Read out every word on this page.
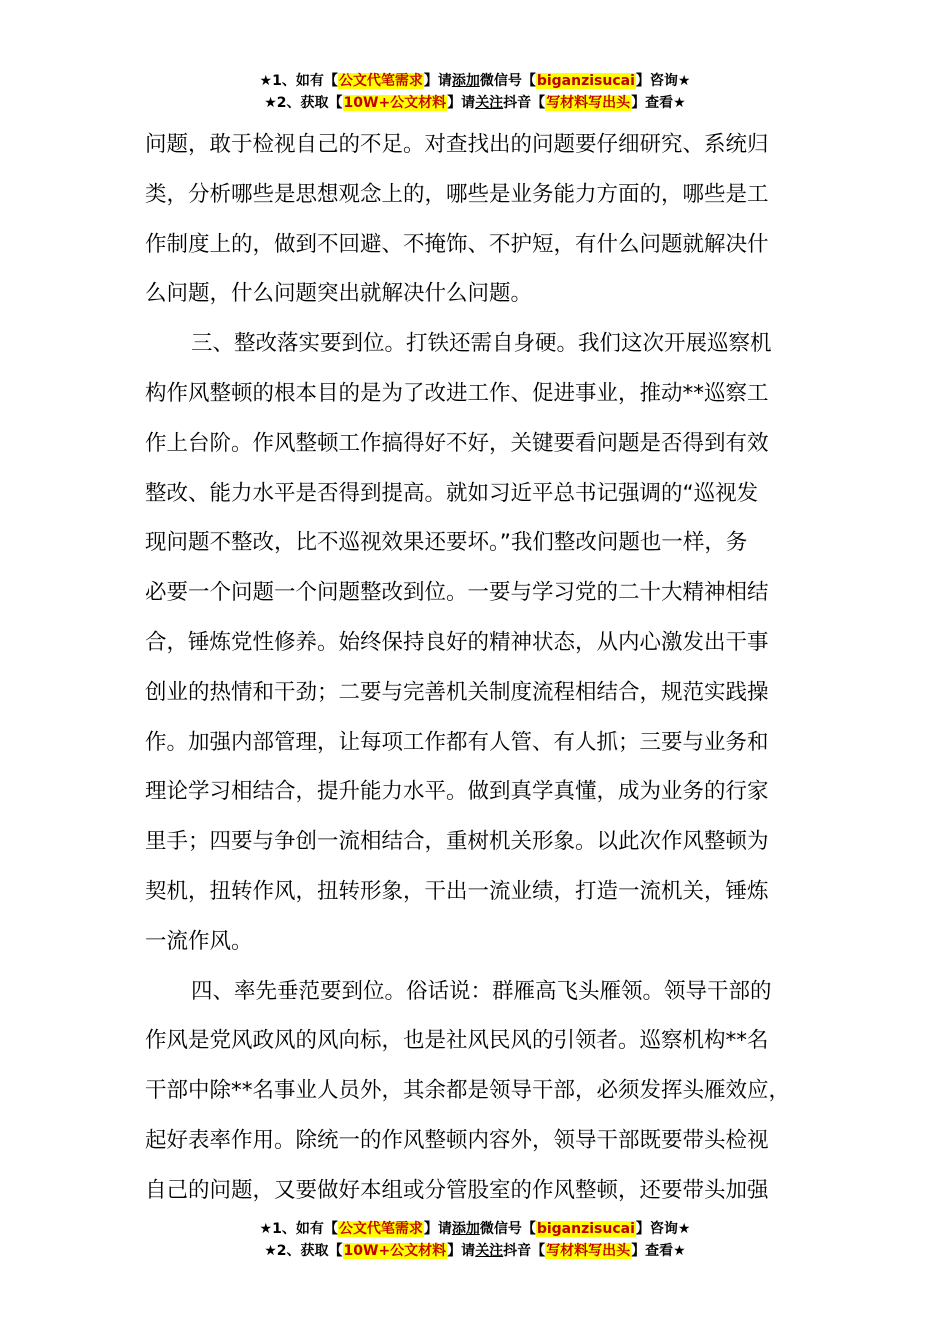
★1、如有【公文代笔需求】请添加微信号【biganzisucai】咨询★
★2、获取【10W+公文材料】请关注抖音【写材料写出头】查看★

问题，敢于检视自己的不足。对查找出的问题要仔细研究、系统归

类，分析哪些是思想观念上的，哪些是业务能力方面的，哪些是工

作制度上的，做到不回避、不掩饰、不护短，有什么问题就解决什

么问题，什么问题突出就解决什么问题。

三、整改落实要到位。打铁还需自身硬。我们这次开展巡察机

构作风整顿的根本目的是为了改进工作、促进事业，推动**巡察工

作上台阶。作风整顿工作搞得好不好，关键要看问题是否得到有效

整改、能力水平是否得到提高。就如习近平总书记强调的“巡视发

现问题不整改，比不巡视效果还要坏。”我们整改问题也一样，务

必要一个问题一个问题整改到位。一要与学习党的二十大精神相结

合，锤炼党性修养。始终保持良好的精神状态，从内心激发出干事

创业的热情和干劲；二要与完善机关制度流程相结合，规范实践操

作。加强内部管理，让每项工作都有人管、有人抓；三要与业务和

理论学习相结合，提升能力水平。做到真学真懂，成为业务的行家

里手；四要与争创一流相结合，重树机关形象。以此次作风整顿为

契机，扭转作风，扭转形象，干出一流业绩，打造一流机关，锤炼

一流作风。

四、率先垂范要到位。俗话说：群雁高飞头雁领。领导干部的

作风是党风政风的风向标，也是社风民风的引领者。巡察机构**名

干部中除**名事业人员外，其余都是领导干部，必须发挥头雁效应，

起好表率作用。除统一的作风整顿内容外，领导干部既要带头检视

自己的问题，又要做好本组或分管股室的作风整顿，还要带头加强

★1、如有【公文代笔需求】请添加微信号【biganzisucai】咨询★
★2、获取【10W+公文材料】请关注抖音【写材料写出头】查看★
